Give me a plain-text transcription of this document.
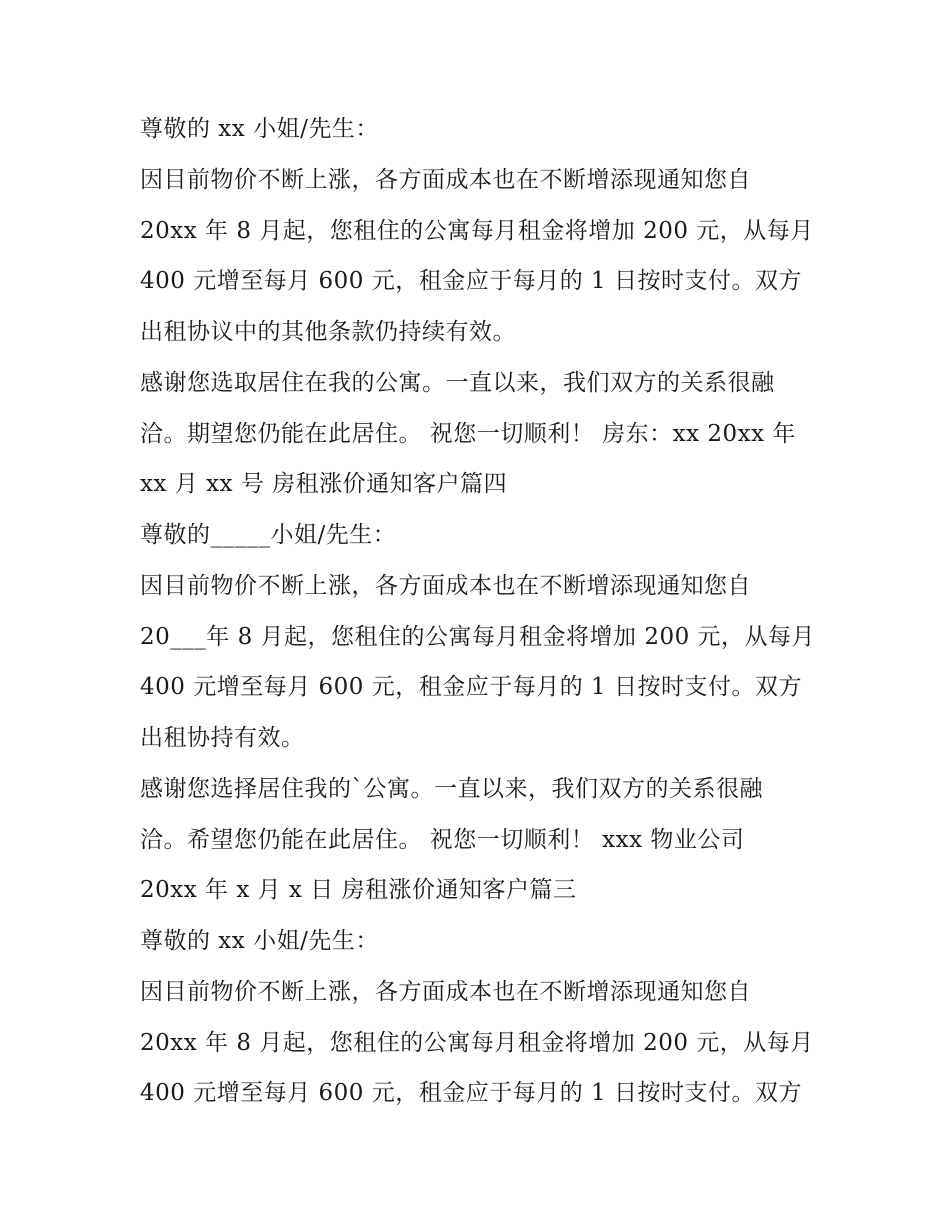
尊敬的 xx 小姐/先生：
因目前物价不断上涨，各方面成本也在不断增添现通知您自
20xx 年 8 月起，您租住的公寓每月租金将增加 200 元，从每月
400 元增至每月 600 元，租金应于每月的 1 日按时支付。双方
出租协议中的其他条款仍持续有效。
感谢您选取居住在我的公寓。一直以来，我们双方的关系很融
洽。期望您仍能在此居住。 祝您一切顺利！ 房东：xx 20xx 年
xx 月 xx 号 房租涨价通知客户篇四
尊敬的_____小姐/先生：
因目前物价不断上涨，各方面成本也在不断增添现通知您自
20___年 8 月起，您租住的公寓每月租金将增加 200 元，从每月
400 元增至每月 600 元，租金应于每月的 1 日按时支付。双方
出租协持有效。
感谢您选择居住我的`公寓。一直以来，我们双方的关系很融
洽。希望您仍能在此居住。 祝您一切顺利！ xxx 物业公司
20xx 年 x 月 x 日 房租涨价通知客户篇三
尊敬的 xx 小姐/先生：
因目前物价不断上涨，各方面成本也在不断增添现通知您自
20xx 年 8 月起，您租住的公寓每月租金将增加 200 元，从每月
400 元增至每月 600 元，租金应于每月的 1 日按时支付。双方
